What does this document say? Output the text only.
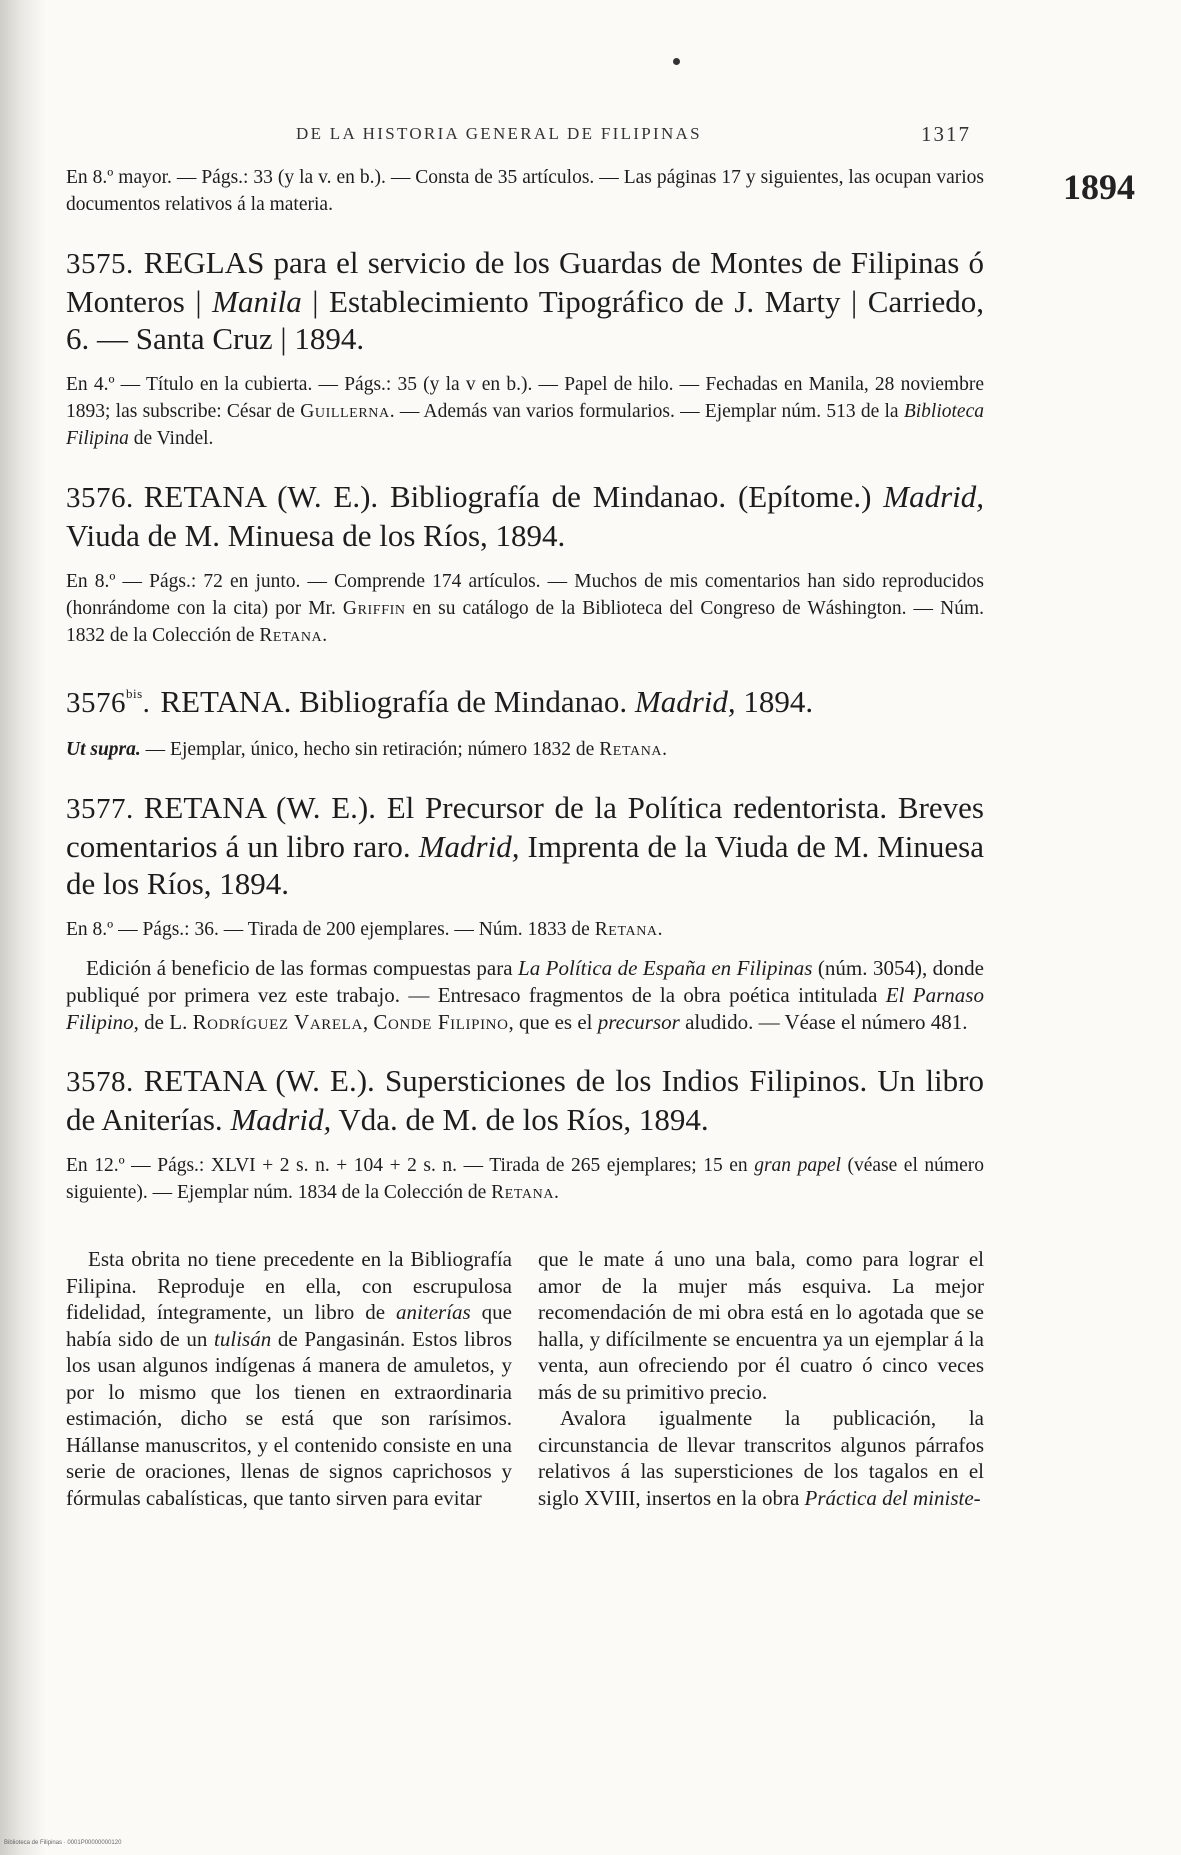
DE LA HISTORIA GENERAL DE FILIPINAS	1317
1894

En 8.º mayor. — Págs.: 33 (y la v. en b.). — Consta de 35 artículos. — Las páginas 17 y siguientes, las ocupan varios documentos relativos á la materia.

3575. REGLAS para el servicio de los Guardas de Montes de Filipinas ó Monteros | Manila | Establecimiento Tipográfico de J. Marty | Carriedo, 6. — Santa Cruz | 1894.

En 4.º — Título en la cubierta. — Págs.: 35 (y la v en b.). — Papel de hilo. — Fechadas en Manila, 28 noviembre 1893; las subscribe: César de Guillerna. — Además van varios formularios. — Ejemplar núm. 513 de la Biblioteca Filipina de Vindel.

3576. RETANA (W. E.). Bibliografía de Mindanao. (Epítome.) Madrid, Viuda de M. Minuesa de los Ríos, 1894.

En 8.º — Págs.: 72 en junto. — Comprende 174 artículos. — Muchos de mis comentarios han sido reproducidos (honrándome con la cita) por Mr. Griffin en su catálogo de la Biblioteca del Congreso de Wáshington. — Núm. 1832 de la Colección de Retana.

$3576^{bis}$. RETANA. Bibliografía de Mindanao. Madrid, 1894.

Ut supra. — Ejemplar, único, hecho sin retiración; número 1832 de Retana.

3577. RETANA (W. E.). El Precursor de la Política redentorista. Breves comentarios á un libro raro. Madrid, Imprenta de la Viuda de M. Minuesa de los Ríos, 1894.

En 8.º — Págs.: 36. — Tirada de 200 ejemplares. — Núm. 1833 de Retana.

Edición á beneficio de las formas compuestas para La Política de España en Filipinas (núm. 3054), donde publiqué por primera vez este trabajo. — Entresaco fragmentos de la obra poética intitulada El Parnaso Filipino, de L. Rodríguez Varela, Conde Filipino, que es el precursor aludido. — Véase el número 481.

3578. RETANA (W. E.). Supersticiones de los Indios Filipinos. Un libro de Aniterías. Madrid, Vda. de M. de los Ríos, 1894.

En 12.º — Págs.: XLVI + 2 s. n. + 104 + 2 s. n. — Tirada de 265 ejemplares; 15 en gran papel (véase el número siguiente). — Ejemplar núm. 1834 de la Colección de Retana.

Esta obrita no tiene precedente en la Bibliografía Filipina. Reproduje en ella, con escrupulosa fidelidad, íntegramente, un libro de aniterías que había sido de un tulisán de Pangasinán. Estos libros los usan algunos indígenas á manera de amuletos, y por lo mismo que los tienen en extraordinaria estimación, dicho se está que son rarísimos. Hállanse manuscritos, y el contenido consiste en una serie de oraciones, llenas de signos caprichosos y fórmulas cabalísticas, que tanto sirven para evitar

que le mate á uno una bala, como para lograr el amor de la mujer más esquiva. La mejor recomendación de mi obra está en lo agotada que se halla, y difícilmente se encuentra ya un ejemplar á la venta, aun ofreciendo por él cuatro ó cinco veces más de su primitivo precio.

Avalora igualmente la publicación, la circunstancia de llevar transcritos algunos párrafos relativos á las supersticiones de los tagalos en el siglo XVIII, insertos en la obra Práctica del ministe-

Biblioteca de Filipinas · 0001P00000000120
